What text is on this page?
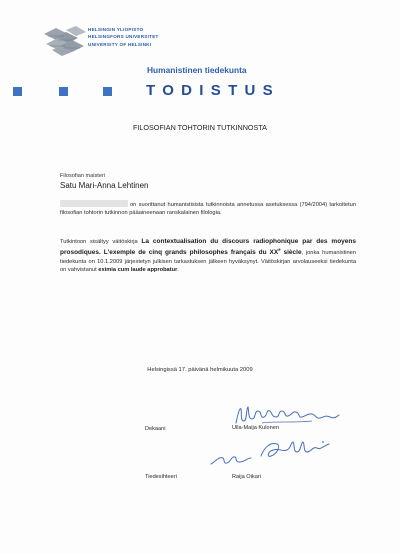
HELSINGIN YLIOPISTO
HELSINGFORS UNIVERSITET
UNIVERSITY OF HELSINKI
Humanistinen tiedekunta
TODISTUS
FILOSOFIAN TOHTORIN TUTKINNOSTA
Filosofian maisteri
Satu Mari-Anna Lehtinen
on suorittanut humanistisista tutkinnoista annetussa asetuksessa (794/2004) tarkoitetun filosofian tohtorin tutkinnon pääaineenaan ranskalainen filologia.
Tutkintoon sisältyy väitöskirja La contextualisation du discours radiophonique par des moyens prosodiques. L'exemple de cinq grands philosophes français du XXe siècle, jonka humanistinen tiedekunta on 10.1.2009 järjestetyn julkisen tarkastuksen jälkeen hyväksynyt. Väitöskirjan arvolauseeksi tiedekunta on vahvistanut eximia cum laude approbatur.
Helsingissä 17. päivänä helmikuuta 2009
Dekaani	Ulla-Maija Kulonen
Tiedesihteeri	Raija Oikari
